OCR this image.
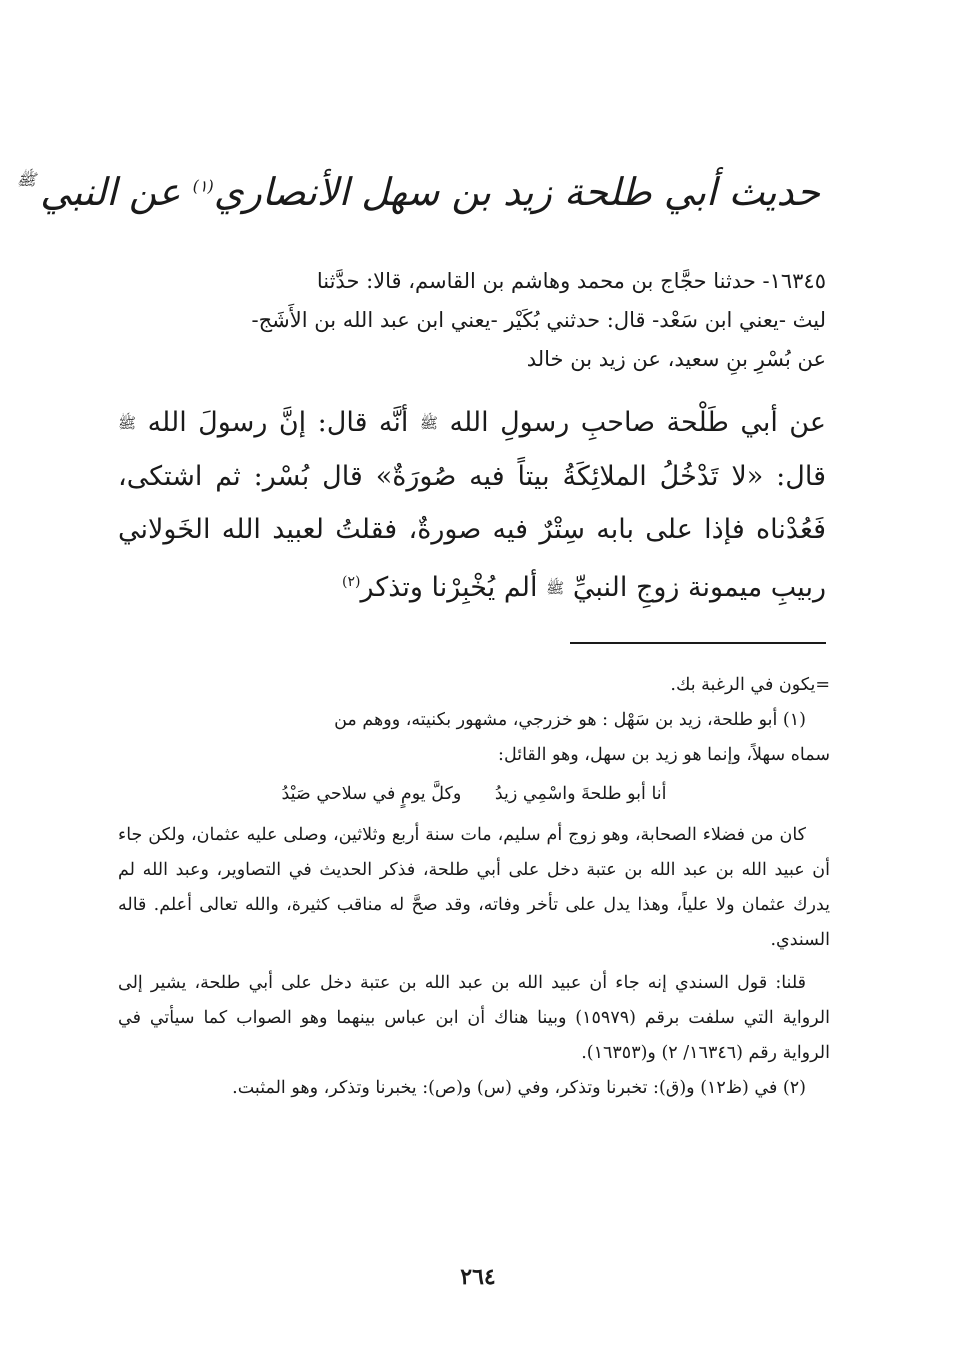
حديث أبي طلحة زيد بن سهل الأنصاري$^{(١)}$ عن النبي$^ﷺ$
١٦٣٤٥- حدثنا حجَّاج بن محمد وهاشم بن القاسم، قالا: حدَّثنا
ليث -يعني ابن سَعْد- قال: حدثني بُكَيْر -يعني ابن عبد الله بن الأَشَج-
عن بُسْرِ بنِ سعيد، عن زيد بن خالد
عن أبي طَلْحة صاحبِ رسولِ الله ﷺ أنَّه قال: إنَّ رسولَ الله ﷺ قال: «لا تَدْخُلُ الملائِكَةُ بيتاً فيه صُورَةٌ» قال بُسْر: ثم اشتكى، فَعُدْناه فإذا على بابه سِتْرٌ فيه صورةٌ، فقلتُ لعبيد الله الخَولاني ربيبِ ميمونة زوجِ النبيِّ ﷺ ألم يُخْبِرْنا وتذكر$^{(٢)}$

=يكون في الرغبة بك.

(١) أبو طلحة، زيد بن سَهْل : هو خزرجي، مشهور بكنيته، ووهم من

سماه سهلاً، وإنما هو زيد بن سهل، وهو القائل:

أنا أبو طلحةَ واسْمِي زيدُ وكلَّ يومٍ في سلاحي صَيْدُ

كان من فضلاء الصحابة، وهو زوج أم سليم، مات سنة أربع وثلاثين، وصلى عليه عثمان، ولكن جاء أن عبيد الله بن عبد الله بن عتبة دخل على أبي طلحة، فذكر الحديث في التصاوير، وعبد الله لم يدرك عثمان ولا علياً، وهذا يدل على تأخر وفاته، وقد صحَّ له مناقب كثيرة، والله تعالى أعلم. قاله السندي.

قلنا: قول السندي إنه جاء أن عبيد الله بن عبد الله بن عتبة دخل على أبي طلحة، يشير إلى الرواية التي سلفت برقم (١٥٩٧٩) وبينا هناك أن ابن عباس بينهما وهو الصواب كما سيأتي في الرواية رقم (١٦٣٤٦/ ٢) و(١٦٣٥٣).

(٢) في (ظ١٢) و(ق): تخبرنا وتذكر، وفي (س) و(ص): يخبرنا وتذكر، وهو المثبت.

٢٦٤
